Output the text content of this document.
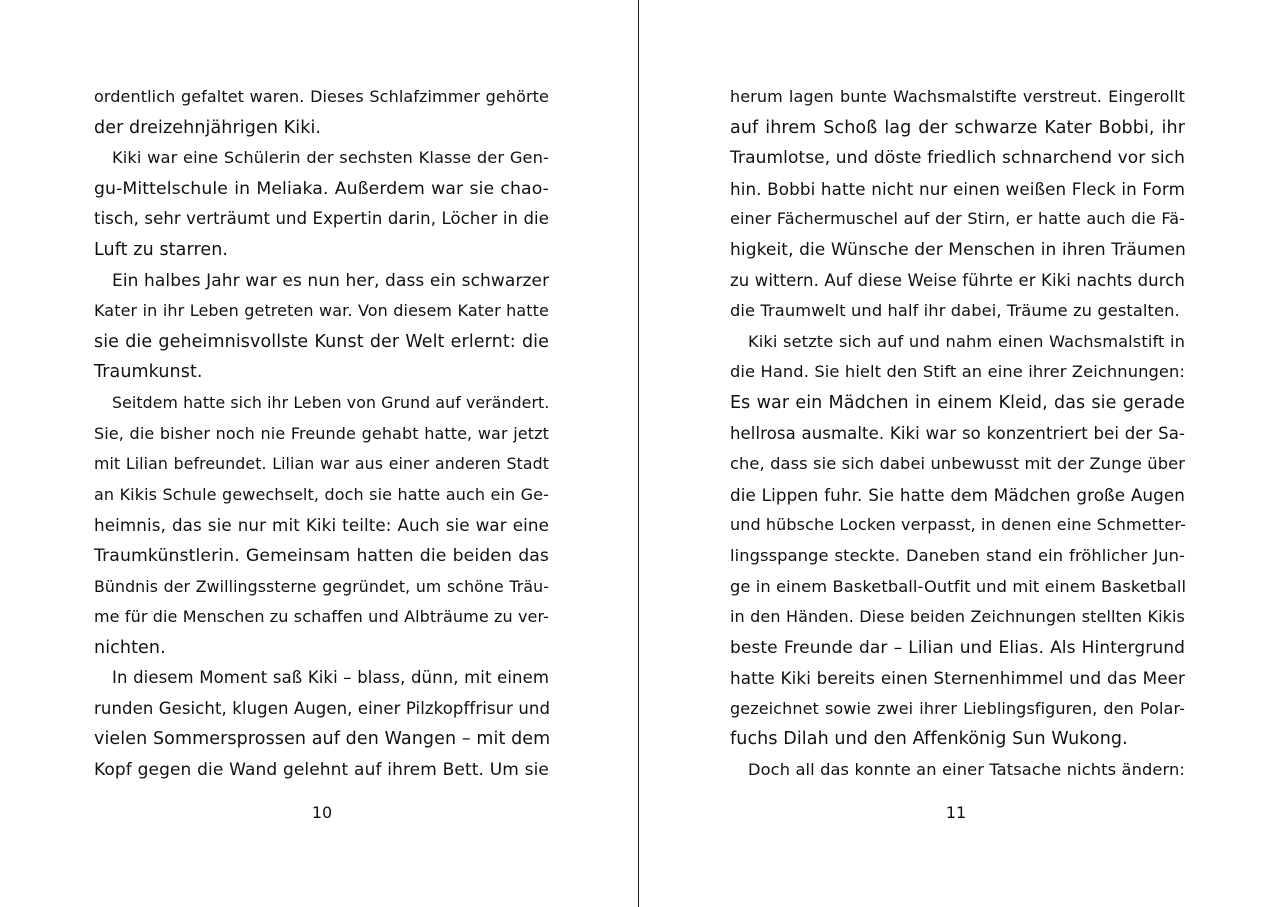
ordentlich gefaltet waren. Dieses Schlafzimmer gehörte
der dreizehnjährigen Kiki.
Kiki war eine Schülerin der sechsten Klasse der Gen-
gu-Mittelschule in Meliaka. Außerdem war sie chao-
tisch, sehr verträumt und Expertin darin, Löcher in die
Luft zu starren.
Ein halbes Jahr war es nun her, dass ein schwarzer
Kater in ihr Leben getreten war. Von diesem Kater hatte
sie die geheimnisvollste Kunst der Welt erlernt: die
Traumkunst.
Seitdem hatte sich ihr Leben von Grund auf verändert.
Sie, die bisher noch nie Freunde gehabt hatte, war jetzt
mit Lilian befreundet. Lilian war aus einer anderen Stadt
an Kikis Schule gewechselt, doch sie hatte auch ein Ge-
heimnis, das sie nur mit Kiki teilte: Auch sie war eine
Traumkünstlerin. Gemeinsam hatten die beiden das
Bündnis der Zwillingssterne gegründet, um schöne Träu-
me für die Menschen zu schaffen und Albträume zu ver-
nichten.
In diesem Moment saß Kiki – blass, dünn, mit einem
runden Gesicht, klugen Augen, einer Pilzkopffrisur und
vielen Sommersprossen auf den Wangen – mit dem
Kopf gegen die Wand gelehnt auf ihrem Bett. Um sie
10
herum lagen bunte Wachsmalstifte verstreut. Eingerollt
auf ihrem Schoß lag der schwarze Kater Bobbi, ihr
Traumlotse, und döste friedlich schnarchend vor sich
hin. Bobbi hatte nicht nur einen weißen Fleck in Form
einer Fächermuschel auf der Stirn, er hatte auch die Fä-
higkeit, die Wünsche der Menschen in ihren Träumen
zu wittern. Auf diese Weise führte er Kiki nachts durch
die Traumwelt und half ihr dabei, Träume zu gestalten.
Kiki setzte sich auf und nahm einen Wachsmalstift in
die Hand. Sie hielt den Stift an eine ihrer Zeichnungen:
Es war ein Mädchen in einem Kleid, das sie gerade
hellrosa ausmalte. Kiki war so konzentriert bei der Sa-
che, dass sie sich dabei unbewusst mit der Zunge über
die Lippen fuhr. Sie hatte dem Mädchen große Augen
und hübsche Locken verpasst, in denen eine Schmetter-
lingsspange steckte. Daneben stand ein fröhlicher Jun-
ge in einem Basketball-Outfit und mit einem Basketball
in den Händen. Diese beiden Zeichnungen stellten Kikis
beste Freunde dar – Lilian und Elias. Als Hintergrund
hatte Kiki bereits einen Sternenhimmel und das Meer
gezeichnet sowie zwei ihrer Lieblingsfiguren, den Polar-
fuchs Dilah und den Affenkönig Sun Wukong.
Doch all das konnte an einer Tatsache nichts ändern:
11
